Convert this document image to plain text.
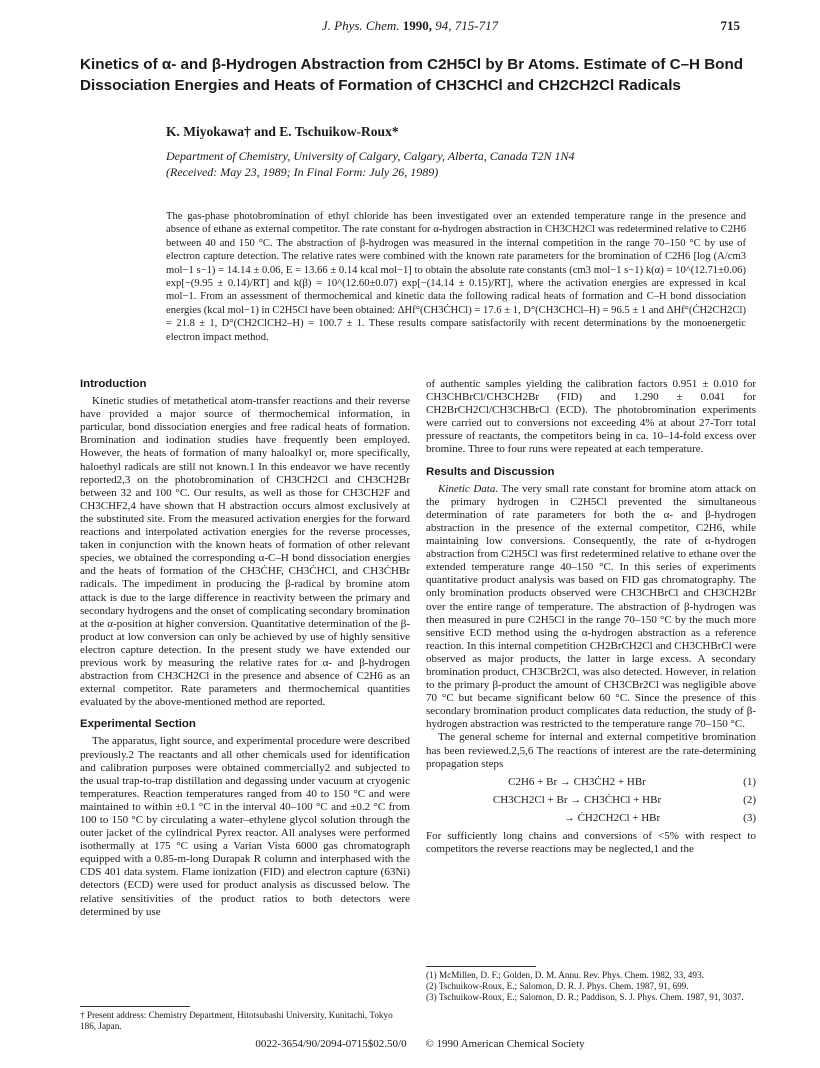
J. Phys. Chem. 1990, 94, 715-717	715
Kinetics of α- and β-Hydrogen Abstraction from C2H5Cl by Br Atoms. Estimate of C–H Bond Dissociation Energies and Heats of Formation of CH3CHCl and CH2CH2Cl Radicals
K. Miyokawa† and E. Tschuikow-Roux*
Department of Chemistry, University of Calgary, Calgary, Alberta, Canada T2N 1N4
(Received: May 23, 1989; In Final Form: July 26, 1989)
The gas-phase photobromination of ethyl chloride has been investigated over an extended temperature range in the presence and absence of ethane as external competitor. The rate constant for α-hydrogen abstraction in CH3CH2Cl was redetermined relative to C2H6 between 40 and 150 °C. The abstraction of β-hydrogen was measured in the internal competition in the range 70–150 °C by use of electron capture detection. The relative rates were combined with the known rate parameters for the bromination of C2H6 [log (A/cm3 mol−1 s−1) = 14.14 ± 0.06, E = 13.66 ± 0.14 kcal mol−1] to obtain the absolute rate constants (cm3 mol−1 s−1) k(α) = 10^(12.71±0.06) exp[−(9.95 ± 0.14)/RT] and k(β) = 10^(12.60±0.07) exp[−(14.14 ± 0.15)/RT], where the activation energies are expressed in kcal mol−1. From an assessment of thermochemical and kinetic data the following radical heats of formation and C–H bond dissociation energies (kcal mol−1) in C2H5Cl have been obtained: ΔHf°(CH3ĊHCl) = 17.6 ± 1, D°(CH3CHCl–H) = 96.5 ± 1 and ΔHf°(ĊH2CH2Cl) = 21.8 ± 1, D°(CH2ClCH2–H) = 100.7 ± 1. These results compare satisfactorily with recent determinations by the monoenergetic electron impact method.
Introduction

Kinetic studies of metathetical atom-transfer reactions and their reverse have provided a major source of thermochemical information, in particular, bond dissociation energies and free radical heats of formation. Bromination and iodination studies have frequently been employed. However, the heats of formation of many haloalkyl or, more specifically, haloethyl radicals are still not known.1 In this endeavor we have recently reported2,3 on the photobromination of CH3CH2Cl and CH3CH2Br between 32 and 100 °C. Our results, as well as those for CH3CH2F and CH3CHF2,4 have shown that H abstraction occurs almost exclusively at the substituted site. From the measured activation energies for the forward reactions and interpolated activation energies for the reverse processes, taken in conjunction with the known heats of formation of other relevant species, we obtained the corresponding α-C–H bond dissociation energies and the heats of formation of the CH3ĊHF, CH3ĊHCl, and CH3ĊHBr radicals. The impediment in producing the β-radical by bromine atom attack is due to the large difference in reactivity between the primary and secondary hydrogens and the onset of complicating secondary bromination at the α-position at higher conversion. Quantitative determination of the β-product at low conversion can only be achieved by use of highly sensitive electron capture detection. In the present study we have extended our previous work by measuring the relative rates for α- and β-hydrogen abstraction from CH3CH2Cl in the presence and absence of C2H6 as an external competitor. Rate parameters and thermochemical quantities evaluated by the above-mentioned method are reported.

Experimental Section

The apparatus, light source, and experimental procedure were described previously.2 The reactants and all other chemicals used for identification and calibration purposes were obtained commercially2 and subjected to the usual trap-to-trap distillation and degassing under vacuum at cryogenic temperatures. Reaction temperatures ranged from 40 to 150 °C and were maintained to within ±0.1 °C in the interval 40–100 °C and ±0.2 °C from 100 to 150 °C by circulating a water–ethylene glycol solution through the outer jacket of the cylindrical Pyrex reactor. All analyses were performed isothermally at 175 °C using a Varian Vista 6000 gas chromatograph equipped with a 0.85-m-long Durapak R column and interphased with the CDS 401 data system. Flame ionization (FID) and electron capture (63Ni) detectors (ECD) were used for product analysis as discussed below. The relative sensitivities of the product ratios to both detectors were determined by use

of authentic samples yielding the calibration factors 0.951 ± 0.010 for CH3CHBrCl/CH3CH2Br (FID) and 1.290 ± 0.041 for CH2BrCH2Cl/CH3CHBrCl (ECD). The photobromination experiments were carried out to conversions not exceeding 4% at about 27-Torr total pressure of reactants, the competitors being in ca. 10–14-fold excess over bromine. Three to four runs were repeated at each temperature.

Results and Discussion

Kinetic Data. The very small rate constant for bromine atom attack on the primary hydrogen in C2H5Cl prevented the simultaneous determination of rate parameters for both the α- and β-hydrogen abstraction in the presence of the external competitor, C2H6, while maintaining low conversions. Consequently, the rate of α-hydrogen abstraction from C2H5Cl was first redetermined relative to ethane over the extended temperature range 40–150 °C. In this series of experiments quantitative product analysis was based on FID gas chromatography. The only bromination products observed were CH3CHBrCl and CH3CH2Br over the entire range of temperature. The abstraction of β-hydrogen was then measured in pure C2H5Cl in the range 70–150 °C by the much more sensitive ECD method using the α-hydrogen abstraction as a reference reaction. In this internal competition CH2BrCH2Cl and CH3CHBrCl were observed as major products, the latter in large excess. A secondary bromination product, CH3CBr2Cl, was also detected. However, in relation to the primary β-product the amount of CH3CBr2Cl was negligible above 70 °C but became significant below 60 °C. Since the presence of this secondary bromination product complicates data reduction, the study of β-hydrogen abstraction was restricted to the temperature range 70–150 °C.

The general scheme for internal and external competitive bromination has been reviewed.2,5,6 The reactions of interest are the rate-determining propagation steps

C2H6 + Br → CH3ĊH2 + HBr	(1)
CH3CH2Cl + Br → CH3ĊHCl + HBr	(2)
→ ĊH2CH2Cl + HBr	(3)

For sufficiently long chains and conversions of <5% with respect to competitors the reverse reactions may be neglected,1 and the

† Present address: Chemistry Department, Hitotsubashi University, Kunitachi, Tokyo 186, Japan.
(1) McMillen, D. F.; Golden, D. M. Annu. Rev. Phys. Chem. 1982, 33, 493.
(2) Tschuikow-Roux, E.; Salomon, D. R. J. Phys. Chem. 1987, 91, 699.
(3) Tschuikow-Roux, E.; Salomon, D. R.; Paddison, S. J. Phys. Chem. 1987, 91, 3037.
0022-3654/90/2094-0715$02.50/0 © 1990 American Chemical Society
